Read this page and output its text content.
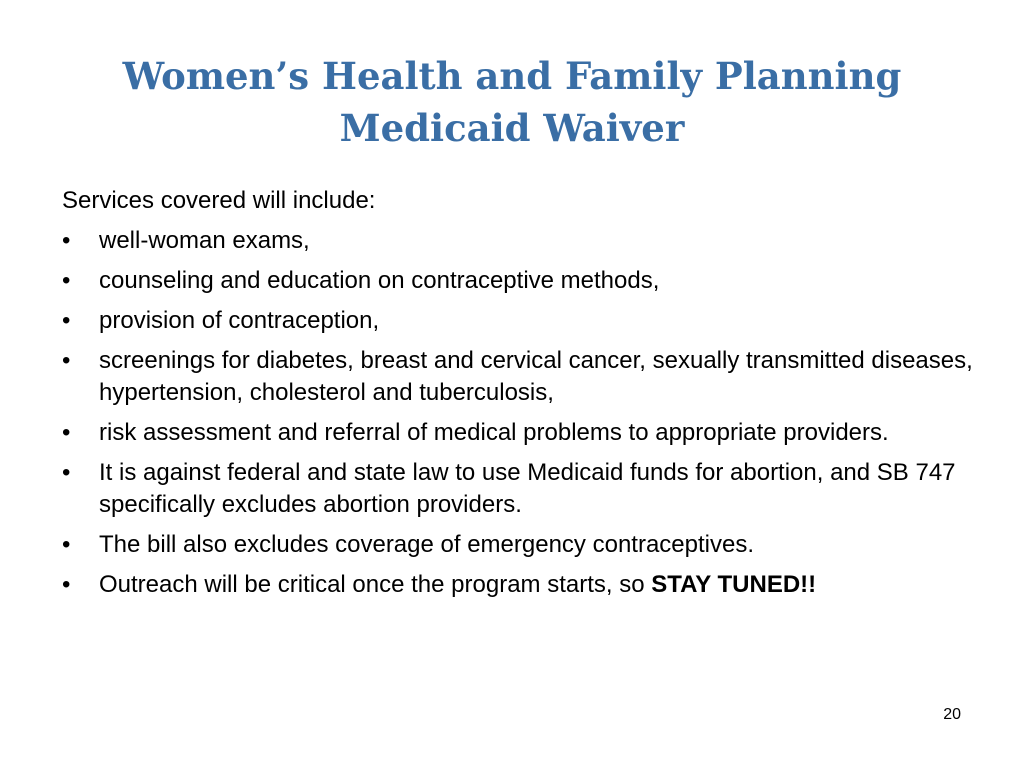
Women’s Health and Family Planning
Medicaid Waiver
Services covered will include:
• well-woman exams,
• counseling and education on contraceptive methods,
• provision of contraception,
• screenings for diabetes, breast and cervical cancer, sexually transmitted diseases, hypertension, cholesterol and tuberculosis,
• risk assessment and referral of medical problems to appropriate providers.
• It is against federal and state law to use Medicaid funds for abortion, and SB 747 specifically excludes abortion providers.
• The bill also excludes coverage of emergency contraceptives.
• Outreach will be critical once the program starts, so STAY TUNED!!
20
